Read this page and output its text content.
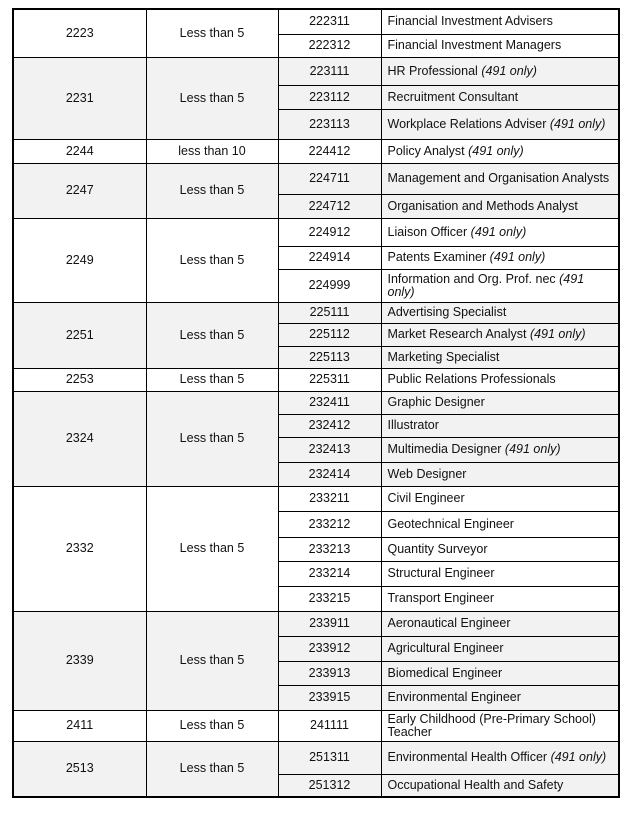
2223	Less than 5	222311	Financial Investment Advisers
		222312	Financial Investment Managers
2231	Less than 5	223111	HR Professional (491 only)
		223112	Recruitment Consultant
		223113	Workplace Relations Adviser (491 only)
2244	less than 10	224412	Policy Analyst (491 only)
2247	Less than 5	224711	Management and Organisation Analysts
		224712	Organisation and Methods Analyst
2249	Less than 5	224912	Liaison Officer (491 only)
		224914	Patents Examiner (491 only)
		224999	Information and Org. Prof. nec (491 only)
2251	Less than 5	225111	Advertising Specialist
		225112	Market Research Analyst (491 only)
		225113	Marketing Specialist
2253	Less than 5	225311	Public Relations Professionals
2324	Less than 5	232411	Graphic Designer
		232412	Illustrator
		232413	Multimedia Designer (491 only)
		232414	Web Designer
2332	Less than 5	233211	Civil Engineer
		233212	Geotechnical Engineer
		233213	Quantity Surveyor
		233214	Structural Engineer
		233215	Transport Engineer
2339	Less than 5	233911	Aeronautical Engineer
		233912	Agricultural Engineer
		233913	Biomedical Engineer
		233915	Environmental Engineer
2411	Less than 5	241111	Early Childhood (Pre-Primary School) Teacher
2513	Less than 5	251311	Environmental Health Officer (491 only)
		251312	Occupational Health and Safety
